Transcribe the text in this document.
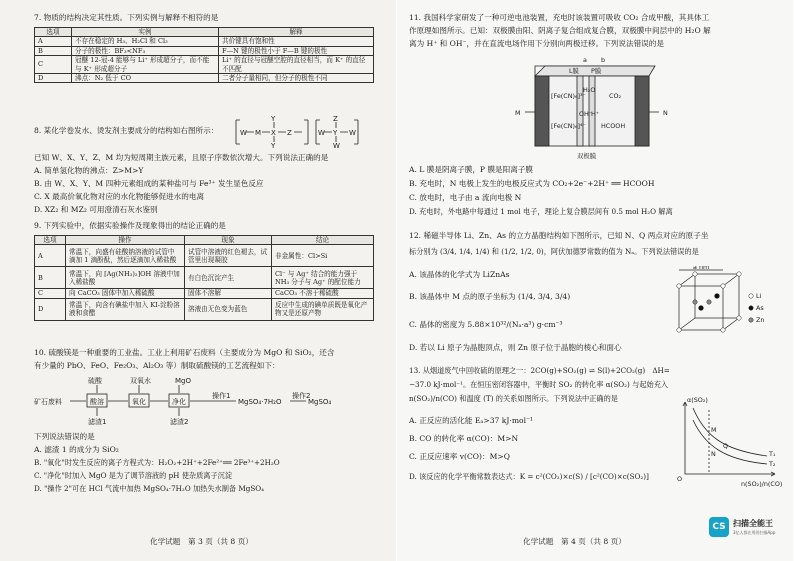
7. 物质的结构决定其性质。下列实例与解释不相符的是
选项	实例	解释
A	不存在稳定的 H₃、H₂Cl 和 Cl₃	共价键具有饱和性
B	分子的极性：BF₃<NF₃	F—N 键的极性小于 F—B 键的极性
C	冠醚 12-冠-4 能够与 Li⁺ 形成超分子，而不能与 K⁺ 形成超分子	Li⁺ 的直径与冠醚空腔的直径相当，而 K⁺ 的直径不匹配
D	沸点：N₂ 低于 CO	二者分子量相同，但分子的极性不同
8. 某化学卷发水、烫发剂主要成分的结构如右图所示：	W M X Z
Y
Y
W Y W
Z
W
已知 W、X、Y、Z、M 均为短周期主族元素，且原子序数依次增大。下列说法正确的是
A. 简单氢化物的沸点：Z>M>Y
B. 由 W、X、Y、M 四种元素组成的某种盐可与 Fe³⁺ 发生显色反应
C. X 最高价氧化物对应的水化物能够促进水的电离
D. XZ₂ 和 MZ₂ 可用澄清石灰水鉴别
9. 下列实验中，依据实验操作及现象得出的结论正确的是
选项	操作	现象	结论
A	常温下，向盛有硅酸钠溶液的试管中滴加 1 滴酚酞，然后逐滴加入稀盐酸	试管中溶液的红色褪去，试管里出现凝胶	非金属性：Cl>Si
B	常温下，向 [Ag(NH₃)₂]OH 溶液中加入稀盐酸	有白色沉淀产生	Cl⁻ 与 Ag⁺ 结合的能力强于 NH₃ 分子与 Ag⁺ 的配位能力
C	向 CaCO₃ 固体中加入稀硫酸	固体不溶解	CaCO₃ 不溶于稀硫酸
D	常温下，向含有碘盐中加入 KI-淀粉溶液和食醋	溶液由无色变为蓝色	反应中生成的碘单质既是氧化产物又是还原产物
10. 硫酸镁是一种重要的工业盐。工业上利用矿石废料（主要成分为 MgO 和 SiO₂，还含
有少量的 PbO、FeO、Fe₂O₃、Al₂O₃ 等）制取硫酸镁的工艺流程如下：
硫酸	双氧水	MgO
矿石废料	酸溶	氧化	净化
操作1
MgSO₄·7H₂O
操作2
MgSO₄
滤渣1	滤渣2
下列说法错误的是
A. 滤渣 1 的成分为 SiO₂
B. "氧化"时发生反应的离子方程式为：H₂O₂+2H⁺+2Fe²⁺══ 2Fe³⁺+2H₂O
C. "净化"时加入 MgO 是为了调节溶液的 pH 使杂质离子沉淀
D. "操作 2"可在 HCl 气流中加热 MgSO₄·7H₂O 加热失水制备 MgSO₄
化学试题　第 3 页（共 8 页）
11. 我国科学家研发了一种可逆电池装置，充电时该装置可吸收 CO₂ 合成甲酸，其具体工
作原理如图所示。已知：双极膜由阳、阴离子复合组成复合膜，双极膜中间层中的 H₂O 解
离为 H⁺ 和 OH⁻，并在直流电场作用下分别向两极迁移。下列说法错误的是
a b
L膜 P膜
M	N
[Fe(CN)₆]³⁻
[Fe(CN)₆]⁴⁻
CO₂
HCOOH
H₂O
OH⁻
H⁺
双极膜
A. L 膜是阴离子膜，P 膜是阳离子膜
B. 充电时，N 电极上发生的电极反应式为 CO₂+2e⁻+2H⁺ ══ HCOOH
C. 放电时，电子由 a 流向电极 N
D. 充电时，外电路中每通过 1 mol 电子，理论上复合膜层间有 0.5 mol H₂O 解离
12. 稀磁半导体 Li、Zn、As 的立方晶胞结构如下图所示，已知 N、Q 两点对应的原子坐
标分别为 (3/4, 1/4, 1/4) 和 (1/2, 1/2, 0)，阿伏加德罗常数的值为 Nₐ。下列说法错误的是
A. 该晶体的化学式为 LiZnAs
B. 该晶体中 M 点的原子坐标为 (1/4, 3/4, 3/4)
C. 晶体的密度为 5.88×10³²/(Nₐ·a³) g·cm⁻³
D. 若以 Li 原子为晶胞顶点，则 Zn 原子位于晶胞的棱心和面心
a nm
Li
As
Zn
13. 从烟道废气中回收硫的原理之一：2CO(g)+SO₂(g) ⇌ S(l)+2CO₂(g)　ΔH=
−37.0 kJ·mol⁻¹。在恒压密闭容器中，平衡时 SO₂ 的转化率 α(SO₂) 与起始充入
n(SO₂)/n(CO) 和温度 (T) 的关系如图所示。下列说法中正确的是
A. 正反应的活化能 Eₐ>37 kJ·mol⁻¹
B. CO 的转化率 α(CO)：M>N
C. 正反应速率 v(CO)：M>Q
D. 该反应的化学平衡常数表达式：K = c²(CO₂)×c(S) / [c²(CO)×c(SO₂)]
α(SO₂)
n(SO₂)/n(CO)
T₁
T₂
M
N
Q
O
化学试题　第 4 页（共 8 页）
CS 扫描全能王
3亿人都在用的扫描App
